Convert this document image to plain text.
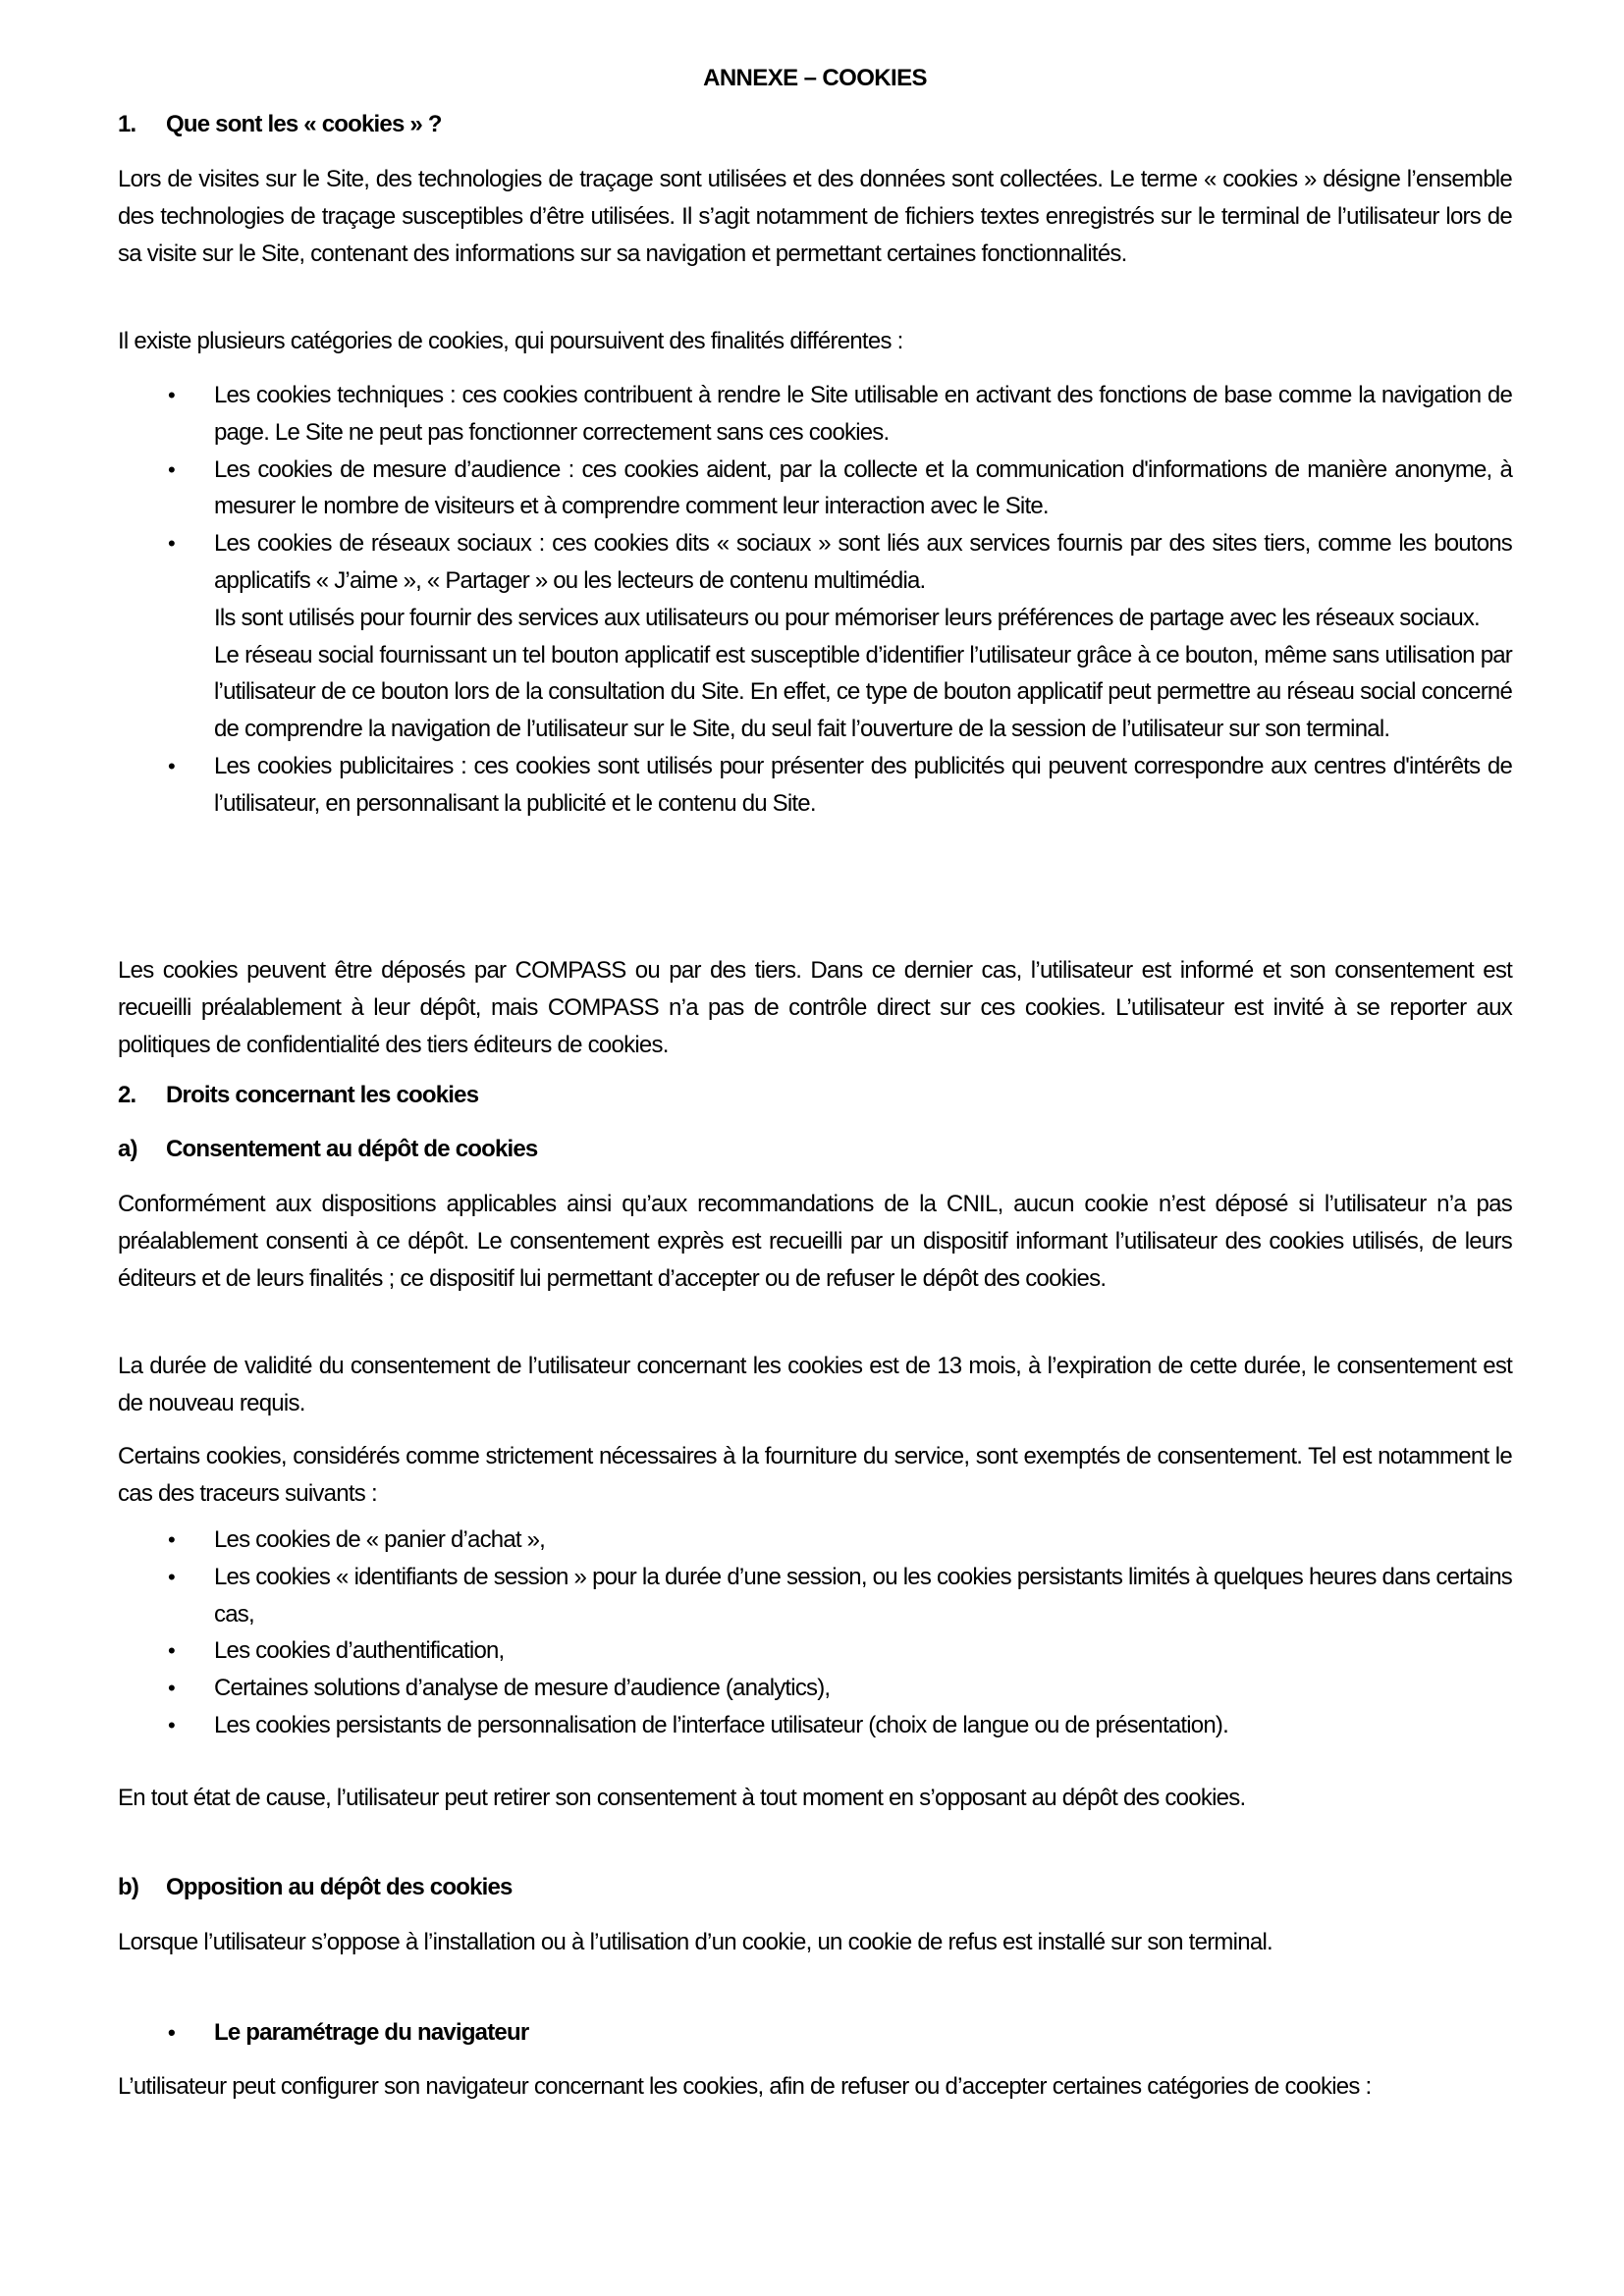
ANNEXE – COOKIES
1. Que sont les « cookies » ?

Lors de visites sur le Site, des technologies de traçage sont utilisées et des données sont collectées. Le terme « cookies » désigne l’ensemble des technologies de traçage susceptibles d’être utilisées. Il s’agit notamment de fichiers textes enregistrés sur le terminal de l’utilisateur lors de sa visite sur le Site, contenant des informations sur sa navigation et permettant certaines fonctionnalités.

Il existe plusieurs catégories de cookies, qui poursuivent des finalités différentes :

• Les cookies techniques : ces cookies contribuent à rendre le Site utilisable en activant des fonctions de base comme la navigation de page. Le Site ne peut pas fonctionner correctement sans ces cookies.
• Les cookies de mesure d’audience : ces cookies aident, par la collecte et la communication d'informations de manière anonyme, à mesurer le nombre de visiteurs et à comprendre comment leur interaction avec le Site.
• Les cookies de réseaux sociaux : ces cookies dits « sociaux » sont liés aux services fournis par des sites tiers, comme les boutons applicatifs « J’aime », « Partager » ou les lecteurs de contenu multimédia.
Ils sont utilisés pour fournir des services aux utilisateurs ou pour mémoriser leurs préférences de partage avec les réseaux sociaux.
Le réseau social fournissant un tel bouton applicatif est susceptible d’identifier l’utilisateur grâce à ce bouton, même sans utilisation par l’utilisateur de ce bouton lors de la consultation du Site. En effet, ce type de bouton applicatif peut permettre au réseau social concerné de comprendre la navigation de l’utilisateur sur le Site, du seul fait l’ouverture de la session de l’utilisateur sur son terminal.
• Les cookies publicitaires : ces cookies sont utilisés pour présenter des publicités qui peuvent correspondre aux centres d'intérêts de l’utilisateur, en personnalisant la publicité et le contenu du Site.

Les cookies peuvent être déposés par COMPASS ou par des tiers. Dans ce dernier cas, l’utilisateur est informé et son consentement est recueilli préalablement à leur dépôt, mais COMPASS n’a pas de contrôle direct sur ces cookies. L’utilisateur est invité à se reporter aux politiques de confidentialité des tiers éditeurs de cookies.

2. Droits concernant les cookies
a) Consentement au dépôt de cookies

Conformément aux dispositions applicables ainsi qu’aux recommandations de la CNIL, aucun cookie n’est déposé si l’utilisateur n’a pas préalablement consenti à ce dépôt. Le consentement exprès est recueilli par un dispositif informant l’utilisateur des cookies utilisés, de leurs éditeurs et de leurs finalités ; ce dispositif lui permettant d’accepter ou de refuser le dépôt des cookies.

La durée de validité du consentement de l’utilisateur concernant les cookies est de 13 mois, à l’expiration de cette durée, le consentement est de nouveau requis.

Certains cookies, considérés comme strictement nécessaires à la fourniture du service, sont exemptés de consentement. Tel est notamment le cas des traceurs suivants :

• Les cookies de « panier d’achat »,
• Les cookies « identifiants de session » pour la durée d’une session, ou les cookies persistants limités à quelques heures dans certains cas,
• Les cookies d’authentification,
• Certaines solutions d’analyse de mesure d’audience (analytics),
• Les cookies persistants de personnalisation de l’interface utilisateur (choix de langue ou de présentation).

En tout état de cause, l’utilisateur peut retirer son consentement à tout moment en s’opposant au dépôt des cookies.

b) Opposition au dépôt des cookies

Lorsque l’utilisateur s’oppose à l’installation ou à l’utilisation d’un cookie, un cookie de refus est installé sur son terminal.

• Le paramétrage du navigateur

L’utilisateur peut configurer son navigateur concernant les cookies, afin de refuser ou d’accepter certaines catégories de cookies :
